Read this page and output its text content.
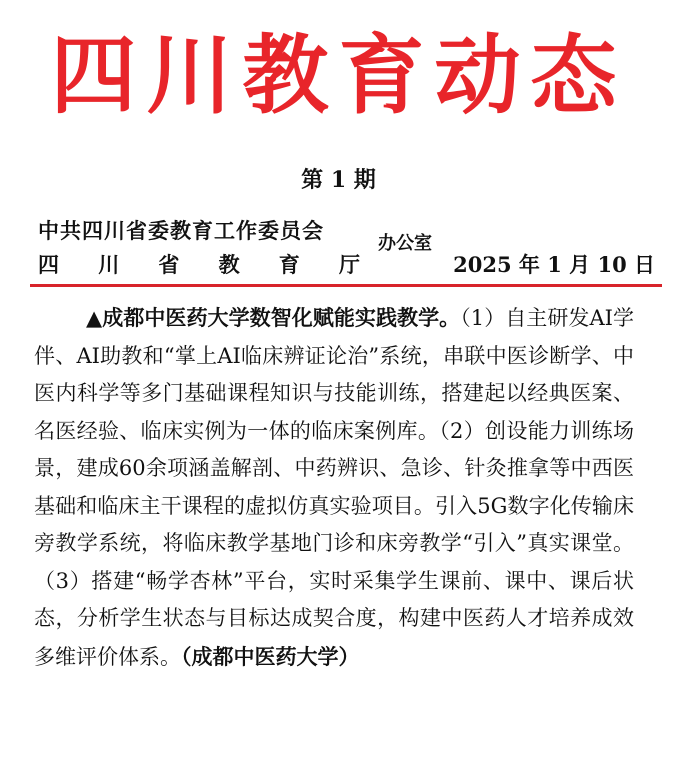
四川教育动态
第 1 期
中共四川省委教育工作委员会
四 川 省 教 育 厅
办公室
2025 年 1 月 10 日
▲成都中医药大学数智化赋能实践教学。（1）自主研发AI学伴、AI助教和“掌上AI临床辨证论治”系统，串联中医诊断学、中医内科学等多门基础课程知识与技能训练，搭建起以经典医案、名医经验、临床实例为一体的临床案例库。（2）创设能力训练场景，建成60余项涵盖解剖、中药辨识、急诊、针灸推拿等中西医基础和临床主干课程的虚拟仿真实验项目。引入5G数字化传输床旁教学系统，将临床教学基地门诊和床旁教学“引入”真实课堂。（3）搭建“畅学杏林”平台，实时采集学生课前、课中、课后状态，分析学生状态与目标达成契合度，构建中医药人才培养成效多维评价体系。（成都中医药大学）
